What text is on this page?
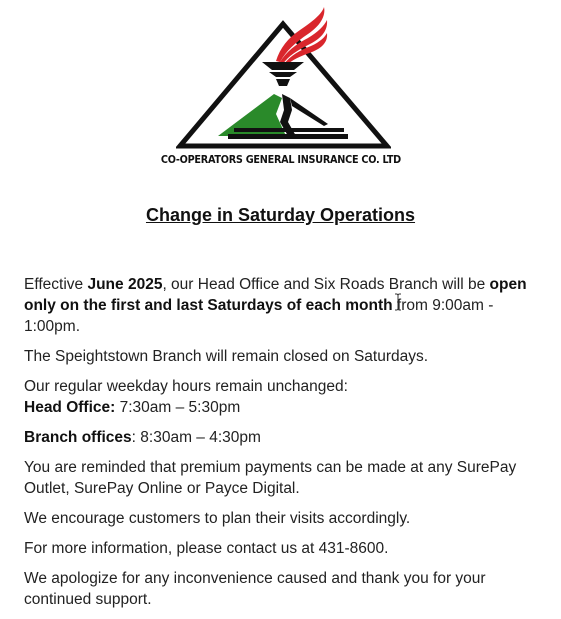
CO-OPERATORS GENERAL INSURANCE CO. LTD
Change in Saturday Operations

Effective June 2025, our Head Office and Six Roads Branch will be open only on the first and last Saturdays of each month from 9:00am - 1:00pm.

The Speightstown Branch will remain closed on Saturdays.

Our regular weekday hours remain unchanged:

Head Office: 7:30am – 5:30pm

Branch offices: 8:30am – 4:30pm

You are reminded that premium payments can be made at any SurePay Outlet, SurePay Online or Payce Digital.

We encourage customers to plan their visits accordingly.

For more information, please contact us at 431-8600.

We apologize for any inconvenience caused and thank you for your continued support.
